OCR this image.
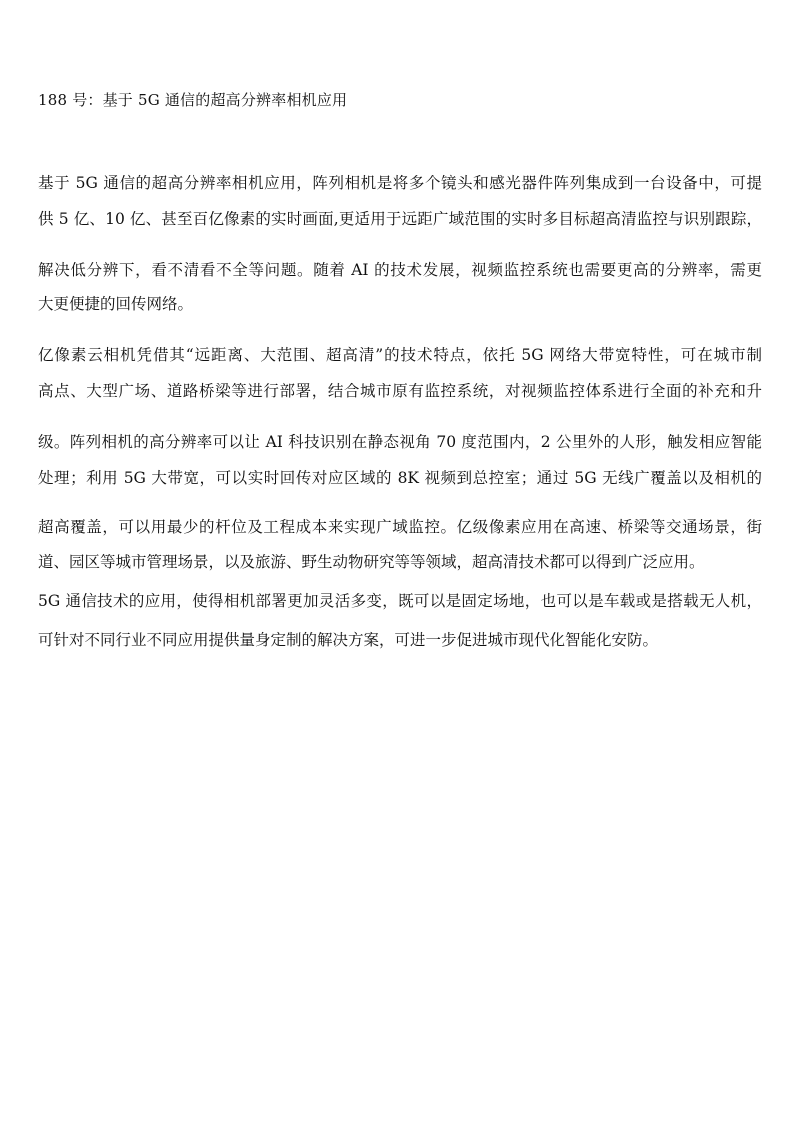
188 号：基于 5G 通信的超高分辨率相机应用
基于 5G 通信的超高分辨率相机应用，阵列相机是将多个镜头和感光器件阵列集成到一台设备中，可提
供 5 亿、10 亿、甚至百亿像素的实时画面,更适用于远距广域范围的实时多目标超高清监控与识别跟踪，
解决低分辨下，看不清看不全等问题。随着 AI 的技术发展，视频监控系统也需要更高的分辨率，需更
大更便捷的回传网络。
亿像素云相机凭借其“远距离、大范围、超高清”的技术特点，依托 5G 网络大带宽特性，可在城市制
高点、大型广场、道路桥梁等进行部署，结合城市原有监控系统，对视频监控体系进行全面的补充和升
级。阵列相机的高分辨率可以让 AI 科技识别在静态视角 70 度范围内，2 公里外的人形，触发相应智能
处理；利用 5G 大带宽，可以实时回传对应区域的 8K 视频到总控室；通过 5G 无线广覆盖以及相机的
超高覆盖，可以用最少的杆位及工程成本来实现广域监控。亿级像素应用在高速、桥梁等交通场景，街
道、园区等城市管理场景，以及旅游、野生动物研究等等领域，超高清技术都可以得到广泛应用。
5G 通信技术的应用，使得相机部署更加灵活多变，既可以是固定场地，也可以是车载或是搭载无人机，
可针对不同行业不同应用提供量身定制的解决方案，可进一步促进城市现代化智能化安防。
